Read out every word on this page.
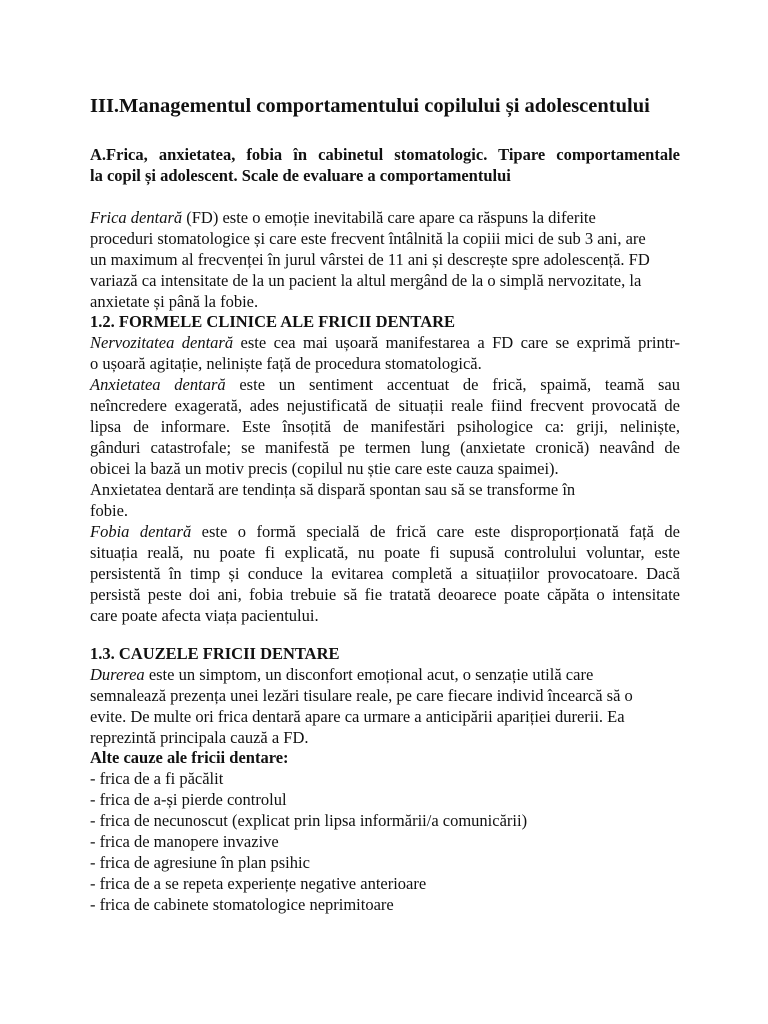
III.Managementul comportamentului copilului și adolescentului
A.Frica, anxietatea, fobia în cabinetul stomatologic. Tipare comportamentale
la copil și adolescent. Scale de evaluare a comportamentului
Frica dentară (FD) este o emoție inevitabilă care apare ca răspuns la diferite
proceduri stomatologice și care este frecvent întâlnită la copiii mici de sub 3 ani, are
un maximum al frecvenței în jurul vârstei de 11 ani și descrește spre adolescență. FD
variază ca intensitate de la un pacient la altul mergând de la o simplă nervozitate, la
anxietate și până la fobie.
1.2. FORMELE CLINICE ALE FRICII DENTARE
Nervozitatea dentară este cea mai ușoară manifestarea a FD care se exprimă printr-
o ușoară agitație, neliniște față de procedura stomatologică.
Anxietatea dentară este un sentiment accentuat de frică, spaimă, teamă sau
neîncredere exagerată, ades nejustificată de situații reale fiind frecvent provocată de
lipsa de informare. Este însoțită de manifestări psihologice ca: griji, neliniște,
gânduri catastrofale; se manifestă pe termen lung (anxietate cronică) neavând de
obicei la bază un motiv precis (copilul nu știe care este cauza spaimei).
Anxietatea dentară are tendința să dispară spontan sau să se transforme în
fobie.
Fobia dentară este o formă specială de frică care este disproporționată față de
situația reală, nu poate fi explicată, nu poate fi supusă controlului voluntar, este
persistentă în timp și conduce la evitarea completă a situațiilor provocatoare. Dacă
persistă peste doi ani, fobia trebuie să fie tratată deoarece poate căpăta o intensitate
care poate afecta viața pacientului.
1.3. CAUZELE FRICII DENTARE
Durerea este un simptom, un disconfort emoțional acut, o senzație utilă care
semnalează prezența unei lezări tisulare reale, pe care fiecare individ încearcă să o
evite. De multe ori frica dentară apare ca urmare a anticipării apariției durerii. Ea
reprezintă principala cauză a FD.
Alte cauze ale fricii dentare:
- frica de a fi păcălit
- frica de a-și pierde controlul
- frica de necunoscut (explicat prin lipsa informării/a comunicării)
- frica de manopere invazive
- frica de agresiune în plan psihic
- frica de a se repeta experiențe negative anterioare
- frica de cabinete stomatologice neprimitoare
